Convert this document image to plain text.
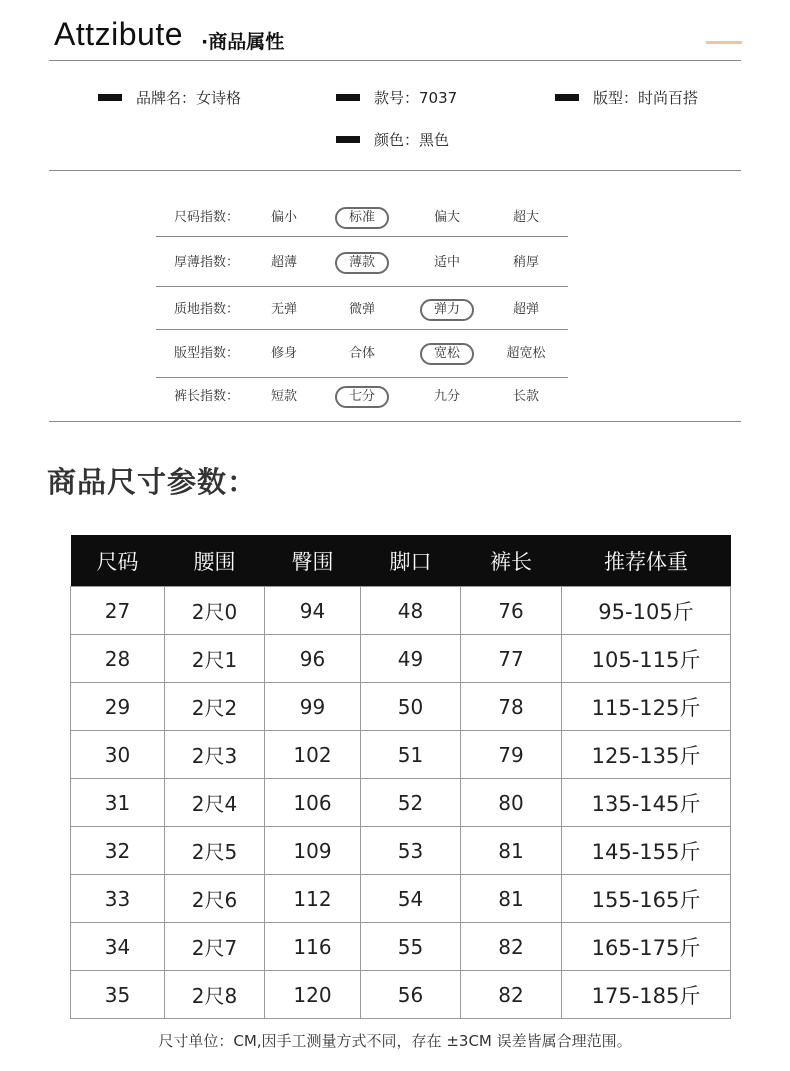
Attzibute ·商品属性
品牌名：女诗格	款号：7037	版型：时尚百搭
颜色：黑色
尺码指数：	偏小	标准	偏大	超大
厚薄指数：	超薄	薄款	适中	稍厚
质地指数：	无弹	微弹	弹力	超弹
版型指数：	修身	合体	宽松	超宽松
裤长指数：	短款	七分	九分	长款
商品尺寸参数：
尺码	腰围	臀围	脚口	裤长	推荐体重
27	2尺0	94	48	76	95-105斤
28	2尺1	96	49	77	105-115斤
29	2尺2	99	50	78	115-125斤
30	2尺3	102	51	79	125-135斤
31	2尺4	106	52	80	135-145斤
32	2尺5	109	53	81	145-155斤
33	2尺6	112	54	81	155-165斤
34	2尺7	116	55	82	165-175斤
35	2尺8	120	56	82	175-185斤
尺寸单位：CM,因手工测量方式不同，存在 ±3CM 误差皆属合理范围。
